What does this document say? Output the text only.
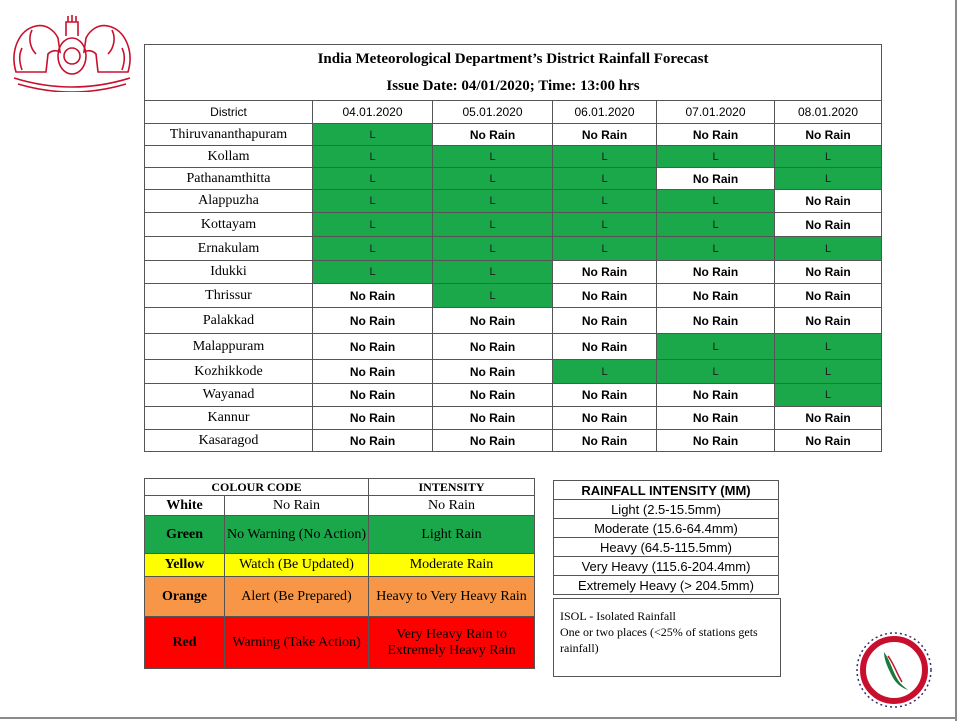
India Meteorological Department’s District Rainfall Forecast					
Issue Date: 04/01/2020; Time: 13:00 hrs					
District	04.01.2020	05.01.2020	06.01.2020	07.01.2020	08.01.2020
Thiruvananthapuram	L	No Rain	No Rain	No Rain	No Rain
Kollam	L	L	L	L	L
Pathanamthitta	L	L	L	No Rain	L
Alappuzha	L	L	L	L	No Rain
Kottayam	L	L	L	L	No Rain
Ernakulam	L	L	L	L	L
Idukki	L	L	No Rain	No Rain	No Rain
Thrissur	No Rain	L	No Rain	No Rain	No Rain
Palakkad	No Rain	No Rain	No Rain	No Rain	No Rain
Malappuram	No Rain	No Rain	No Rain	L	L
Kozhikkode	No Rain	No Rain	L	L	L
Wayanad	No Rain	No Rain	No Rain	No Rain	L
Kannur	No Rain	No Rain	No Rain	No Rain	No Rain
Kasaragod	No Rain	No Rain	No Rain	No Rain	No Rain
COLOUR CODE		INTENSITY
White	No Rain	No Rain
Green	No Warning (No Action)	Light Rain
Yellow	Watch (Be Updated)	Moderate Rain
Orange	Alert (Be Prepared)	Heavy to Very Heavy Rain
Red	Warning (Take Action)	Very Heavy Rain to Extremely Heavy Rain
RAINFALL INTENSITY (MM)
Light (2.5-15.5mm)
Moderate (15.6-64.4mm)
Heavy (64.5-115.5mm)
Very Heavy (115.6-204.4mm)
Extremely Heavy (> 204.5mm)
ISOL - Isolated Rainfall
One or two places (<25% of stations gets rainfall)
